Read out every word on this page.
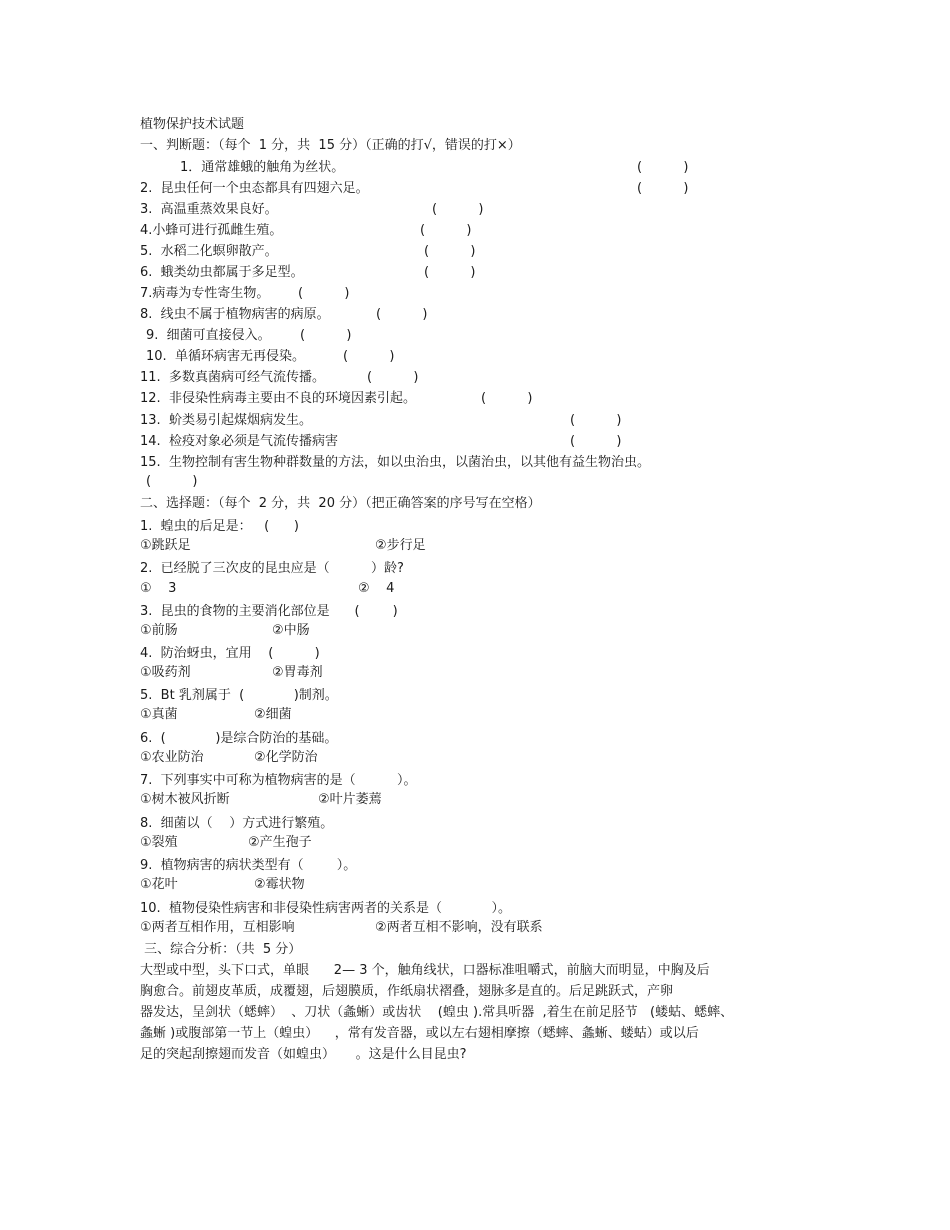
植物保护技术试题
一、判断题：（每个  1 分，共  15 分）（正确的打√，错误的打×）
1．通常雄蛾的触角为丝状。	(          )
2.  昆虫任何一个虫态都具有四翅六足。	(          )
3.  高温重蒸效果良好。	(          )
4.小蜂可进行孤雌生殖。	(          )
5.  水稻二化螟卵散产。	(          )
6.  蛾类幼虫都属于多足型。	(          )
7.病毒为专性寄生物。 (          )
8.  线虫不属于植物病害的病原。	(          )
9.  细菌可直接侵入。 (          )
10.  单循环病害无再侵染。	(          )
11.  多数真菌病可经气流传播。	(          )
12.  非侵染性病毒主要由不良的环境因素引起。	(          )
13.  蚧类易引起煤烟病发生。	(          )
14.  检疫对象必须是气流传播病害	(          )
15.  生物控制有害生物种群数量的方法，如以虫治虫，以菌治虫，以其他有益生物治虫。
(          )
二、选择题：（每个  2 分，共  20 分）（把正确答案的序号写在空格）
1.  蝗虫的后足是：   (      )
①跳跃足	②步行足
2.  已经脱了三次皮的昆虫应是（          ）龄?
①    3	②    4
3.  昆虫的食物的主要消化部位是      (        )
①前肠	②中肠
4.  防治蚜虫，宜用    (          )
①吸药剂	②胃毒剂
5.  Bt 乳剂属于  (            )制剂。
①真菌	②细菌
6.  (            )是综合防治的基础。
①农业防治	②化学防治
7.  下列事实中可称为植物病害的是（          ）。
①树木被风折断	②叶片萎蔫
8.  细菌以（    ）方式进行繁殖。
①裂殖	②产生孢子
9.  植物病害的病状类型有（        ）。
①花叶	②霉状物
10.  植物侵染性病害和非侵染性病害两者的关系是（            ）。
①两者互相作用，互相影响	②两者互相不影响，没有联系
三、综合分析：（共  5 分）
大型或中型，头下口式，单眼      2— 3 个，触角线状，口器标准咀嚼式，前脑大而明显，中胸及后
胸愈合。前翅皮革质，成覆翅，后翅膜质，作纸扇状褶叠，翅脉多是直的。后足跳跃式，产卵
器发达，呈剑状（蟋蟀）  、刀状（螽蜥）或齿状    (蝗虫 ).常具听器  ,着生在前足胫节   (蝼蛄、蟋蟀、
螽蜥 )或腹部第一节上（蝗虫）    ，常有发音器，或以左右翅相摩擦（蟋蟀、螽蜥、蝼蛄）或以后
足的突起刮擦翅而发音（如蝗虫）     。这是什么目昆虫?
